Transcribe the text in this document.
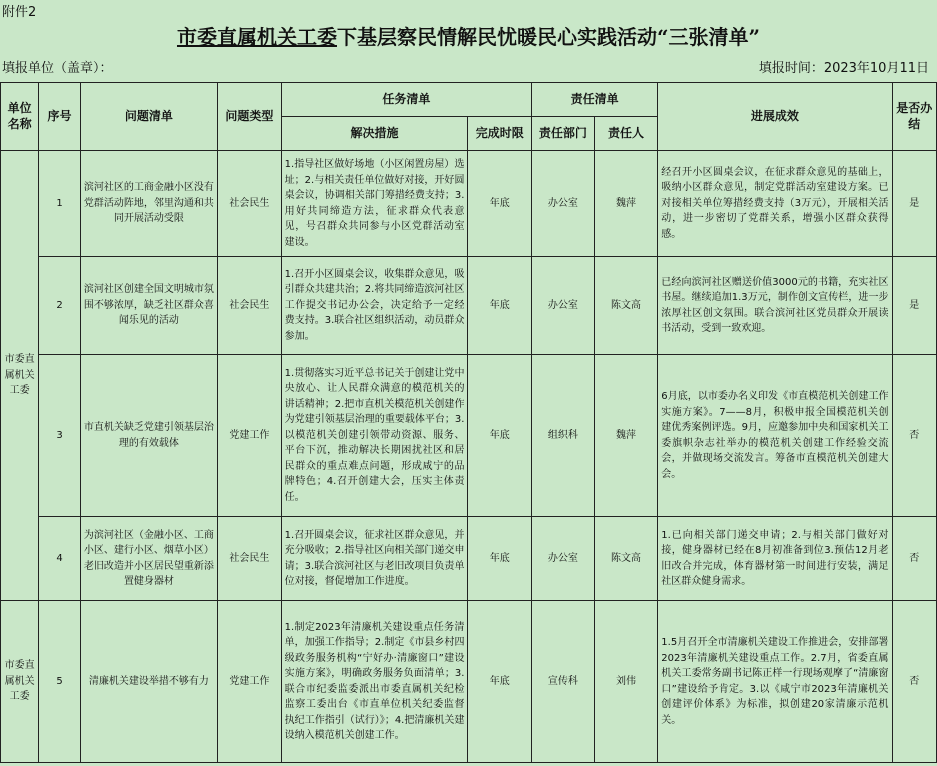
附件2
市委直属机关工委下基层察民情解民忧暖民心实践活动“三张清单”
填报单位（盖章）：	填报时间：2023年10月11日
单位名称	序号	问题清单	问题类型	任务清单		责任清单		进展成效	是否办结
				解决措施	完成时限	责任部门	责任人		
市委直属机关工委	1	滨河社区的工商金融小区没有党群活动阵地，邻里沟通和共同开展活动受限	社会民生	1.指导社区做好场地（小区闲置房屋）选址；2.与相关责任单位做好对接，开好圆桌会议，协调相关部门筹措经费支持；3.用好共同缔造方法，征求群众代表意见，号召群众共同参与小区党群活动室建设。	年底	办公室	魏萍	经召开小区圆桌会议，在征求群众意见的基础上，吸纳小区群众意见，制定党群活动室建设方案。已对接相关单位筹措经费支持（3万元），开展相关活动，进一步密切了党群关系，增强小区群众获得感。	是
	2	滨河社区创建全国文明城市氛围不够浓厚，缺乏社区群众喜闻乐见的活动	社会民生	1.召开小区圆桌会议，收集群众意见，吸引群众共建共治；2.将共同缔造滨河社区工作提交书记办公会，决定给予一定经费支持。3.联合社区组织活动，动员群众参加。	年底	办公室	陈文高	已经向滨河社区赠送价值3000元的书籍，充实社区书屋。继续追加1.3万元，制作创文宣传栏，进一步浓厚社区创文氛围。联合滨河社区党员群众开展读书活动，受到一致欢迎。	是
	3	市直机关缺乏党建引领基层治理的有效载体	党建工作	1.贯彻落实习近平总书记关于创建让党中央放心、让人民群众满意的模范机关的讲话精神；2.把市直机关模范机关创建作为党建引领基层治理的重要载体平台；3.以模范机关创建引领带动资源、服务、平台下沉，推动解决长期困扰社区和居民群众的重点难点问题，形成咸宁的品牌特色；4.召开创建大会，压实主体责任。	年底	组织科	魏萍	6月底，以市委办名义印发《市直模范机关创建工作实施方案》。7——8月，积极申报全国模范机关创建优秀案例评选。9月，应邀参加中央和国家机关工委旗帜杂志社举办的模范机关创建工作经验交流会，并做现场交流发言。筹备市直模范机关创建大会。	否
	4	为滨河社区（金融小区、工商小区、建行小区、烟草小区）老旧改造并小区居民望重新添置健身器材	社会民生	1.召开圆桌会议，征求社区群众意见，并充分吸收；2.指导社区向相关部门递交申请；3.联合滨河社区与老旧改项目负责单位对接，督促增加工作进度。	年底	办公室	陈文高	1.已向相关部门递交申请；2.与相关部门做好对接，健身器材已经在8月初准备到位3.预估12月老旧改合并完成，体育器材第一时间进行安装，满足社区群众健身需求。	否
市委直属机关工委	5	清廉机关建设举措不够有力	党建工作	1.制定2023年清廉机关建设重点任务清单，加强工作指导；2.制定《市县乡村四级政务服务机构“宁好办·清廉窗口”建设实施方案》，明确政务服务负面清单；3.联合市纪委监委派出市委直属机关纪检监察工委出台《市直单位机关纪委监督执纪工作指引（试行）》；4.把清廉机关建设纳入模范机关创建工作。	年底	宣传科	刘伟	1.5月召开全市清廉机关建设工作推进会，安排部署2023年清廉机关建设重点工作。2.7月，省委直属机关工委常务副书记陈正样一行现场观摩了“清廉窗口”建设给予肯定。3.以《咸宁市2023年清廉机关创建评价体系》为标准，拟创建20家清廉示范机关。	否
